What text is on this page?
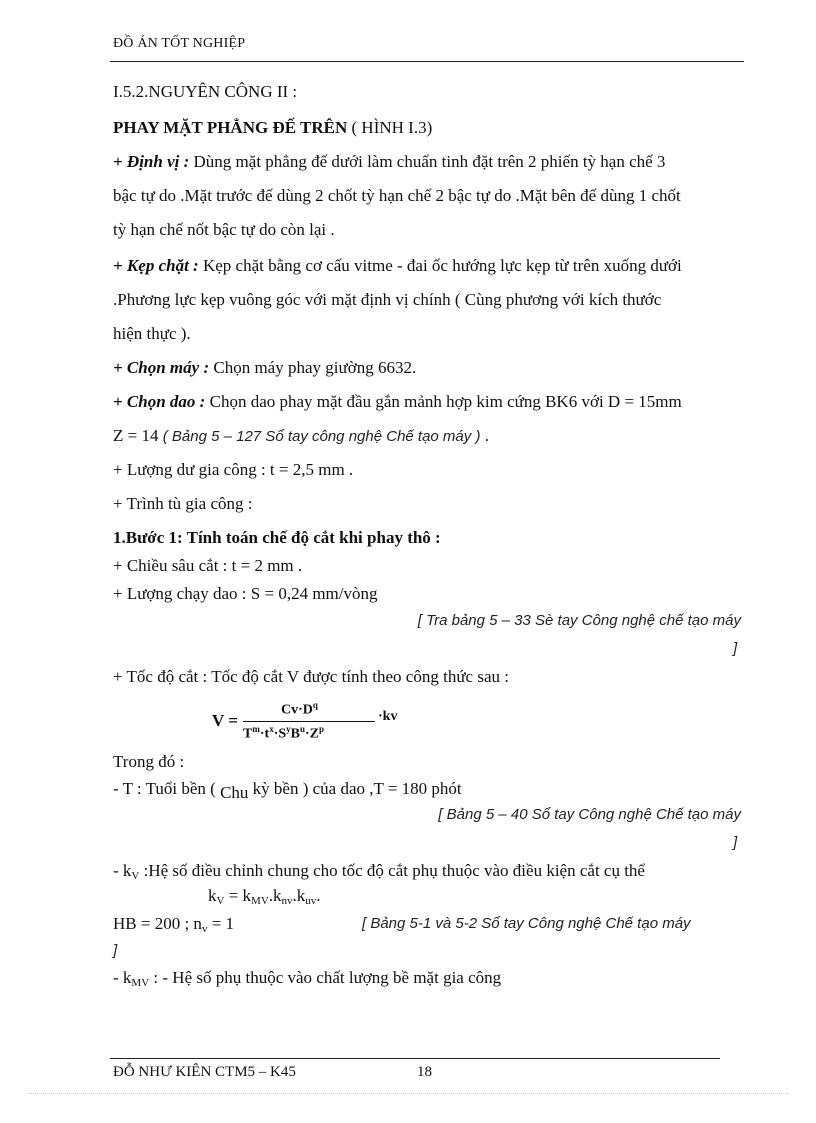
ĐỒ ÁN TỐT NGHIỆP
I.5.2.NGUYÊN CÔNG II :
PHAY MẶT PHẲNG ĐẾ TRÊN ( HÌNH I.3)
+ Định vị : Dùng mặt phẳng đế dưới làm chuẩn tinh đặt trên 2 phiến tỳ hạn chế 3
bậc tự do .Mặt trước đế dùng 2 chốt tỳ hạn chế 2 bậc tự do .Mặt bên đế dùng 1 chốt
tỳ hạn chế nốt bậc tự do còn lại .
+ Kẹp chặt : Kẹp chặt bằng cơ cấu vitme - đai ốc hướng lực kẹp từ trên xuống dưới
.Phương lực kẹp vuông góc với mặt định vị chính ( Cùng phương với kích thước
hiện thực ).
+ Chọn máy : Chọn máy phay giường 6632.
+ Chọn dao : Chọn dao phay mặt đầu gắn mảnh hợp kim cứng BK6 với D = 15mm
Z = 14 ( Bảng 5 – 127 Sổ tay công nghệ Chế tạo máy ) .
+ Lượng dư gia công : t = 2,5 mm .
+ Trình tù gia công :
1.Bước 1: Tính toán chế độ cắt khi phay thô :
+ Chiều sâu cắt : t = 2 mm .
+ Lượng chạy dao : S = 0,24 mm/vòng
[ Tra bảng 5 – 33 Sè tay Công nghệ chế tạo máy
]
+ Tốc độ cắt : Tốc độ cắt V được tính theo công thức sau :
V =
$Cv\cdot D^q$
$T^m\cdot t^x\cdot S^yB^u\cdot Z^p$
·kv
Trong đó :
- T : Tuổi bền ( Chu kỳ bền ) của dao ,T = 180 phót
[ Bảng 5 – 40 Sổ tay Công nghệ Chế tạo máy
]
- $k_V$ :Hệ số điều chỉnh chung cho tốc độ cắt phụ thuộc vào điều kiện cắt cụ thể
$k_V = k_{MV}.k_{nv}.k_{uv}$.
HB = 200 ; $n_v = 1$	[ Bảng 5-1 và 5-2 Sổ tay Công nghệ Chế tạo máy
]
- $k_{MV}$ : - Hệ số phụ thuộc vào chất lượng bề mặt gia công
ĐỖ NHƯ KIÊN CTM5 – K45	18
